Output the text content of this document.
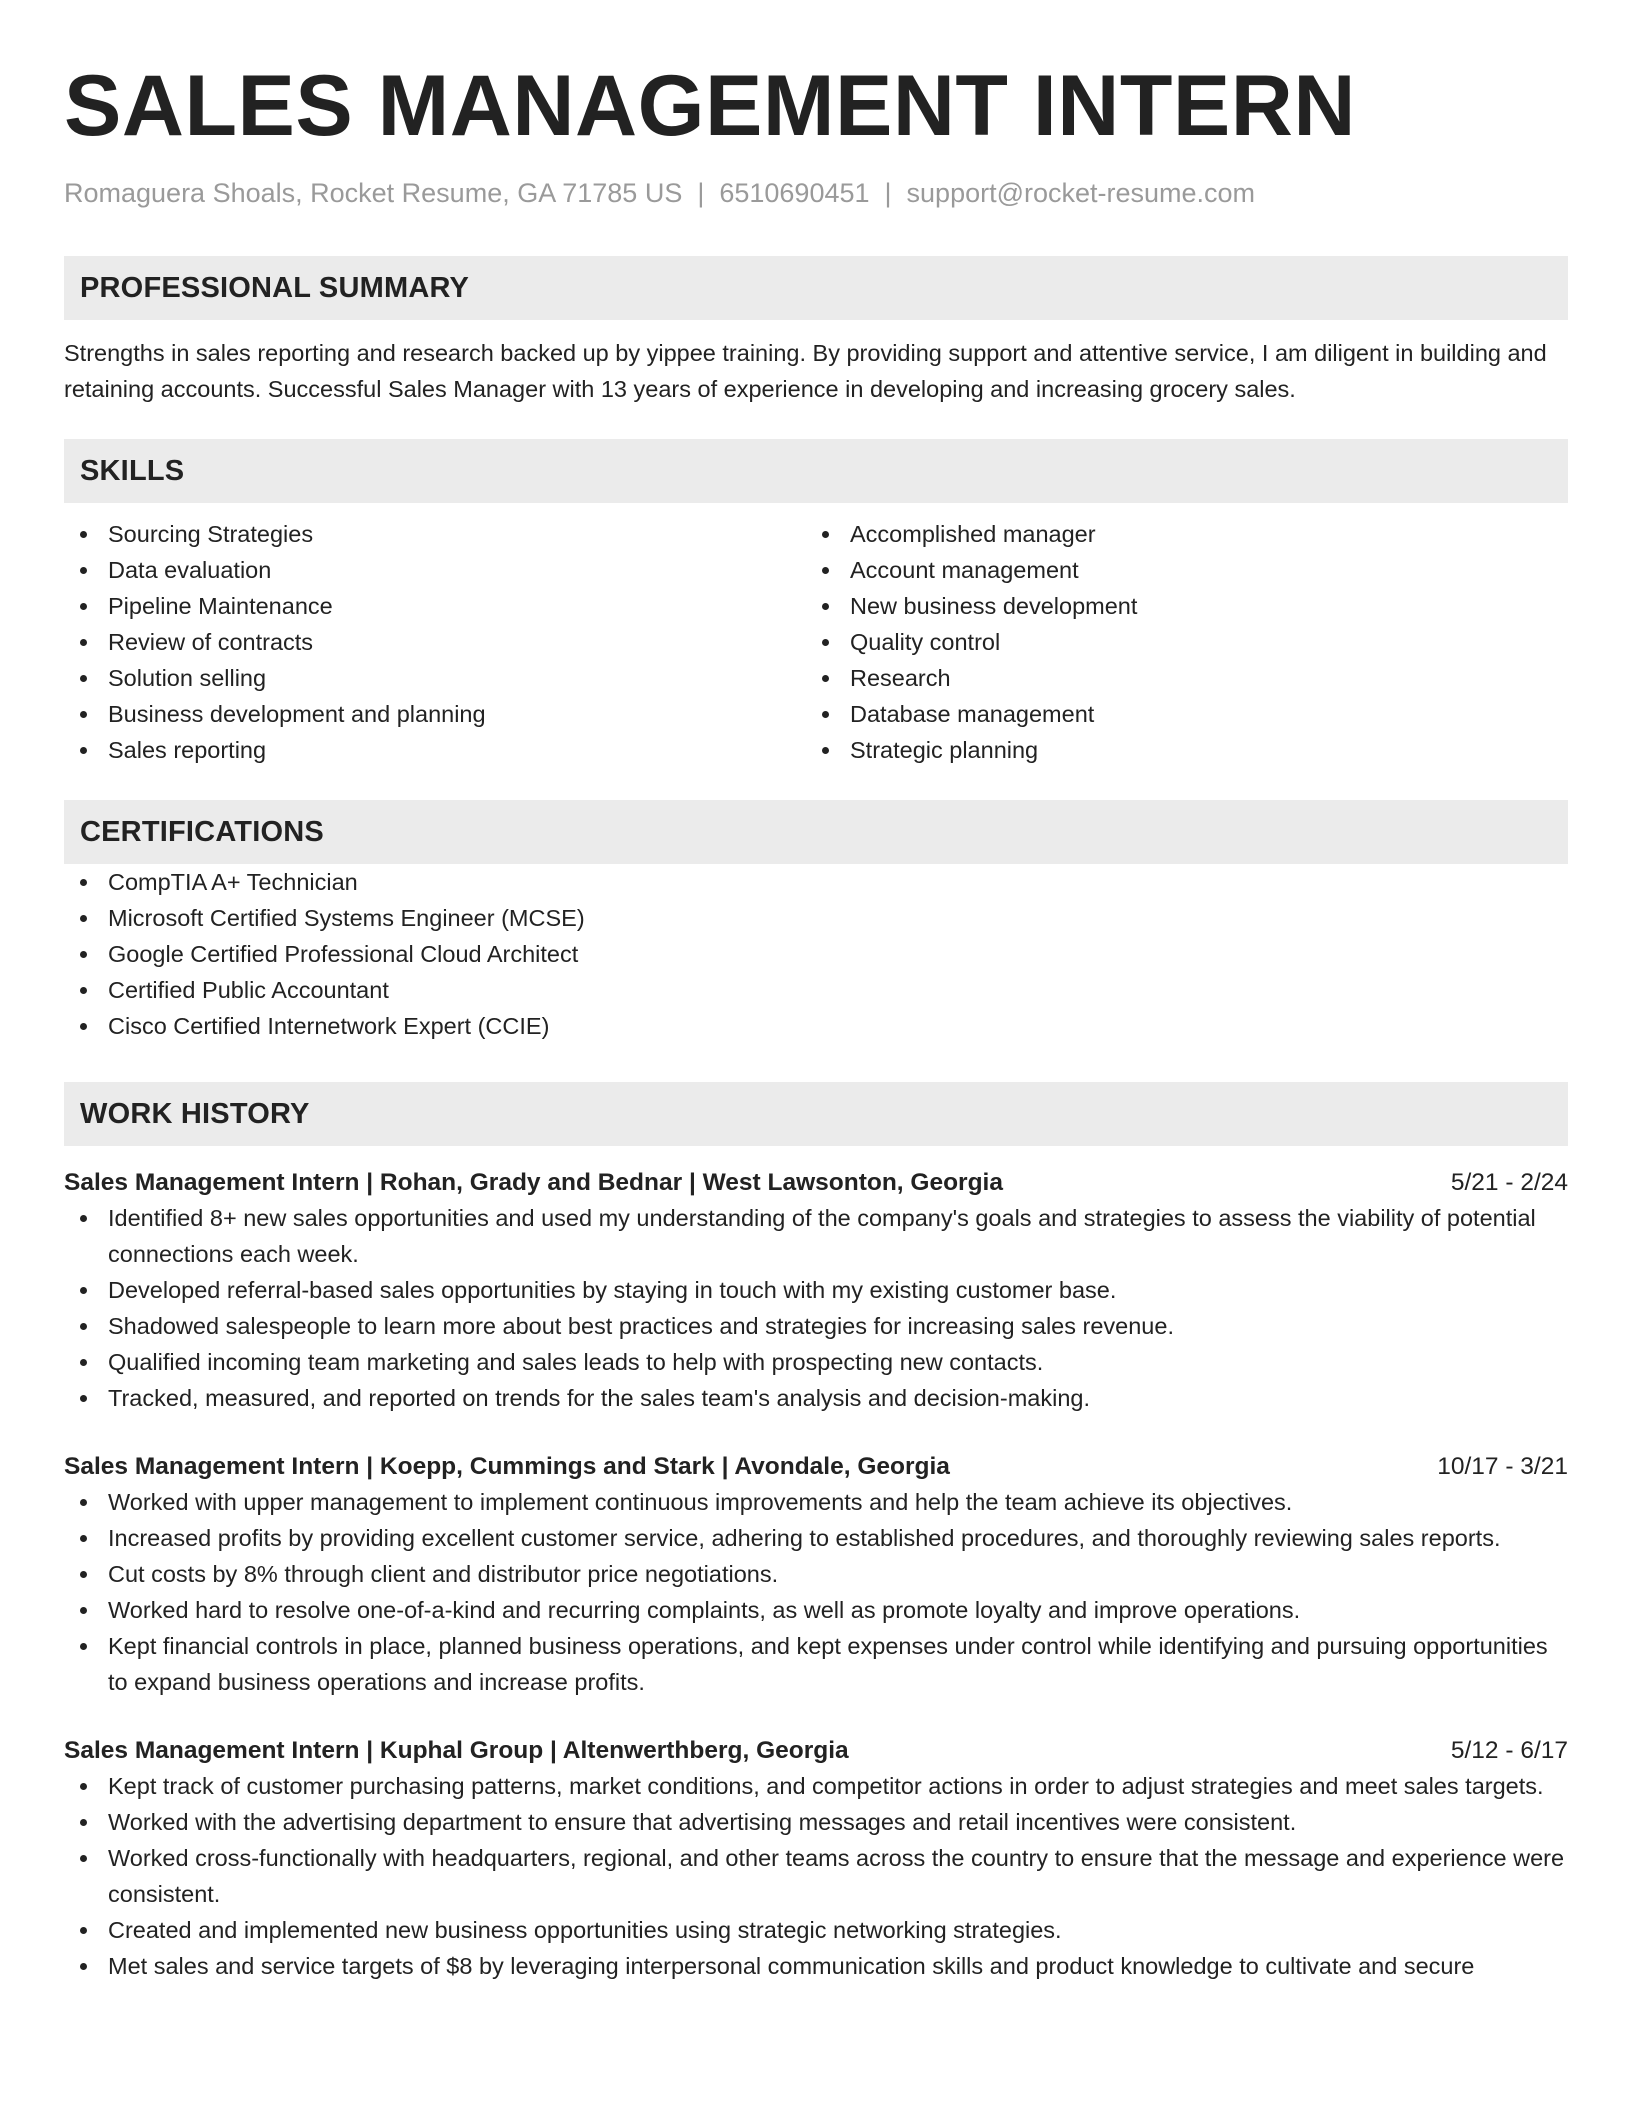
SALES MANAGEMENT INTERN
Romaguera Shoals, Rocket Resume, GA 71785 US | 6510690451 | support@rocket-resume.com
PROFESSIONAL SUMMARY
Strengths in sales reporting and research backed up by yippee training. By providing support and attentive service, I am diligent in building and retaining accounts. Successful Sales Manager with 13 years of experience in developing and increasing grocery sales.
SKILLS
Sourcing Strategies
Data evaluation
Pipeline Maintenance
Review of contracts
Solution selling
Business development and planning
Sales reporting
Accomplished manager
Account management
New business development
Quality control
Research
Database management
Strategic planning
CERTIFICATIONS
CompTIA A+ Technician
Microsoft Certified Systems Engineer (MCSE)
Google Certified Professional Cloud Architect
Certified Public Accountant
Cisco Certified Internetwork Expert (CCIE)
WORK HISTORY
Sales Management Intern | Rohan, Grady and Bednar | West Lawsonton, Georgia	5/21 - 2/24
Identified 8+ new sales opportunities and used my understanding of the company's goals and strategies to assess the viability of potential connections each week.
Developed referral-based sales opportunities by staying in touch with my existing customer base.
Shadowed salespeople to learn more about best practices and strategies for increasing sales revenue.
Qualified incoming team marketing and sales leads to help with prospecting new contacts.
Tracked, measured, and reported on trends for the sales team's analysis and decision-making.
Sales Management Intern | Koepp, Cummings and Stark | Avondale, Georgia	10/17 - 3/21
Worked with upper management to implement continuous improvements and help the team achieve its objectives.
Increased profits by providing excellent customer service, adhering to established procedures, and thoroughly reviewing sales reports.
Cut costs by 8% through client and distributor price negotiations.
Worked hard to resolve one-of-a-kind and recurring complaints, as well as promote loyalty and improve operations.
Kept financial controls in place, planned business operations, and kept expenses under control while identifying and pursuing opportunities to expand business operations and increase profits.
Sales Management Intern | Kuphal Group | Altenwerthberg, Georgia	5/12 - 6/17
Kept track of customer purchasing patterns, market conditions, and competitor actions in order to adjust strategies and meet sales targets.
Worked with the advertising department to ensure that advertising messages and retail incentives were consistent.
Worked cross-functionally with headquarters, regional, and other teams across the country to ensure that the message and experience were consistent.
Created and implemented new business opportunities using strategic networking strategies.
Met sales and service targets of $8 by leveraging interpersonal communication skills and product knowledge to cultivate and secure
